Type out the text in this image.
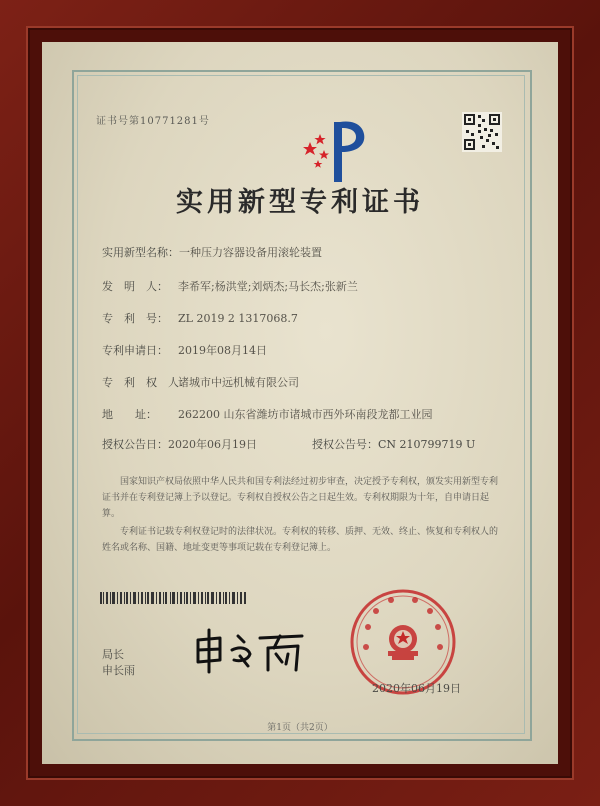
证书号第10771281号
实用新型专利证书
实用新型名称：一种压力容器设备用滚轮装置
发　明　人： 李希军;杨洪堂;刘炳杰;马长杰;张新兰
专　利　号： ZL 2019 2 1317068.7
专利申请日： 2019年08月14日
专　利　权　人：诸城市中远机械有限公司
地　　址： 262200 山东省潍坊市诸城市西外环南段龙都工业园
授权公告日：2020年06月19日	授权公告号：CN 210799719 U
国家知识产权局依照中华人民共和国专利法经过初步审查，决定授予专利权，颁发实用新型专利证书并在专利登记簿上予以登记。专利权自授权公告之日起生效。专利权期限为十年，自申请日起算。
专利证书记载专利权登记时的法律状况。专利权的转移、质押、无效、终止、恢复和专利权人的姓名或名称、国籍、地址变更等事项记载在专利登记簿上。
局长
申长雨
2020年06月19日
第1页（共2页）
